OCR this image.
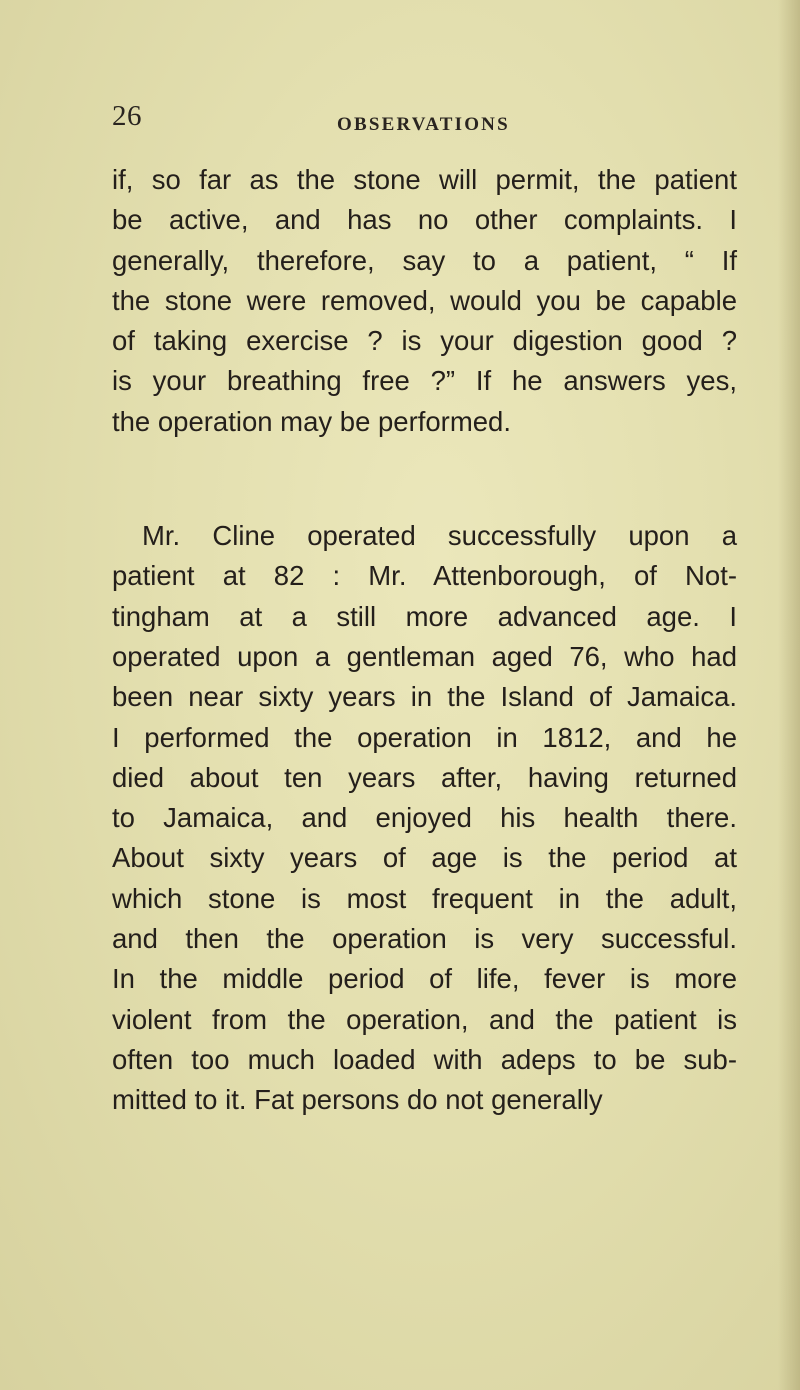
26	OBSERVATIONS
if, so far as the stone will permit, the patient
be active, and has no other complaints. I
generally, therefore, say to a patient, “ If
the stone were removed, would you be capable
of taking exercise ? is your digestion good ?
is your breathing free ?” If he answers yes,
the operation may be performed.
Mr. Cline operated successfully upon a
patient at 82 : Mr. Attenborough, of Not-
tingham at a still more advanced age. I
operated upon a gentleman aged 76, who had
been near sixty years in the Island of Jamaica.
I performed the operation in 1812, and he
died about ten years after, having returned
to Jamaica, and enjoyed his health there.
About sixty years of age is the period at
which stone is most frequent in the adult,
and then the operation is very successful.
In the middle period of life, fever is more
violent from the operation, and the patient is
often too much loaded with adeps to be sub-
mitted to it. Fat persons do not generally
